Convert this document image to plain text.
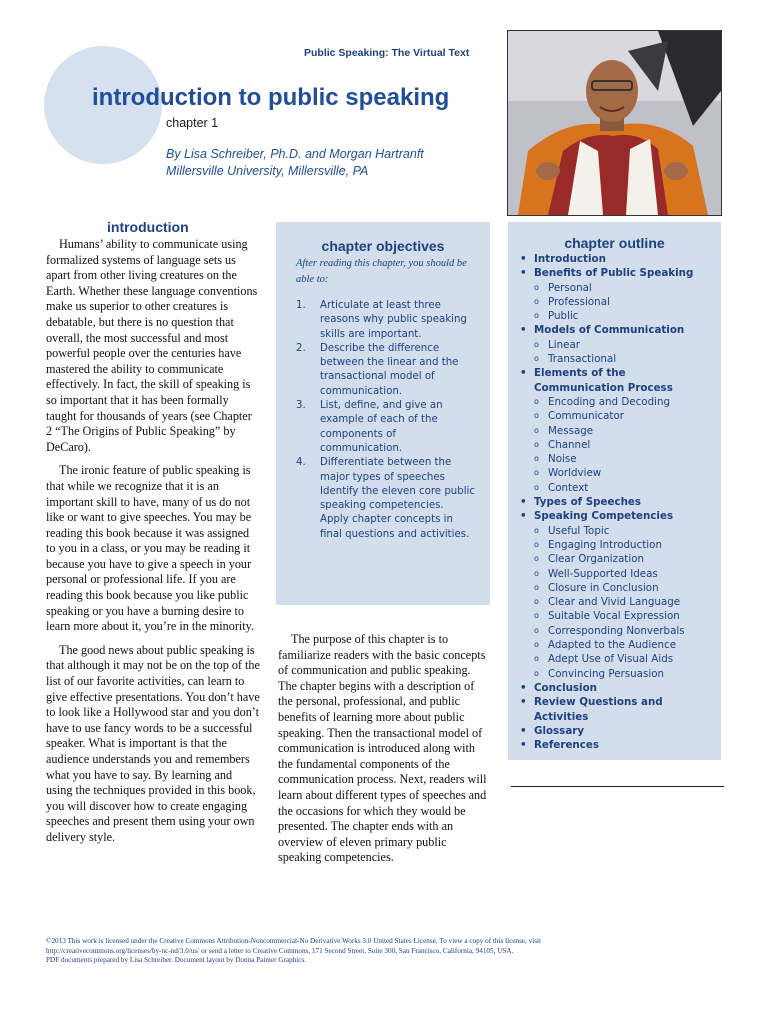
Public Speaking: The Virtual Text
introduction to public speaking
chapter 1
By Lisa Schreiber, Ph.D. and Morgan Hartranft
Millersville University, Millersville, PA
introduction

Humans’ ability to communicate using formalized systems of language sets us apart from other living creatures on the Earth. Whether these language conventions make us superior to other creatures is debatable, but there is no question that overall, the most successful and most powerful people over the centuries have mastered the ability to communicate effectively. In fact, the skill of speaking is so important that it has been formally taught for thousands of years (see Chapter 2 “The Origins of Public Speaking” by DeCaro).

The ironic feature of public speaking is that while we recognize that it is an important skill to have, many of us do not like or want to give speeches. You may be reading this book because it was assigned to you in a class, or you may be reading it because you have to give a speech in your personal or professional life. If you are reading this book because you like public speaking or you have a burning desire to learn more about it, you’re in the minority.

The good news about public speaking is that although it may not be on the top of the list of our favorite activities, can learn to give effective presentations. You don’t have to look like a Hollywood star and you don’t have to use fancy words to be a successful speaker. What is important is that the audience understands you and remembers what you have to say. By learning and using the techniques provided in this book, you will discover how to create engaging speeches and present them using your own delivery style.

chapter objectives
After reading this chapter, you should be able to:
1. Articulate at least three reasons why public speaking skills are important.
2. Describe the difference between the linear and the transactional model of communication.
3. List, define, and give an example of each of the components of communication.
4. Differentiate between the major types of speeches
Identify the eleven core public speaking competencies.
Apply chapter concepts in final questions and activities.

The purpose of this chapter is to familiarize readers with the basic concepts of communication and public speaking. The chapter begins with a description of the personal, professional, and public benefits of learning more about public speaking. Then the transactional model of communication is introduced along with the fundamental components of the communication process. Next, readers will learn about different types of speeches and the occasions for which they would be presented. The chapter ends with an overview of eleven primary public speaking competencies.

chapter outline
• Introduction
• Benefits of Public Speaking
o Personal
o Professional
o Public
• Models of Communication
o Linear
o Transactional
• Elements of the Communication Process
o Encoding and Decoding
o Communicator
o Message
o Channel
o Noise
o Worldview
o Context
• Types of Speeches
• Speaking Competencies
o Useful Topic
o Engaging Introduction
o Clear Organization
o Well-Supported Ideas
o Closure in Conclusion
o Clear and Vivid Language
o Suitable Vocal Expression
o Corresponding Nonverbals
o Adapted to the Audience
o Adept Use of Visual Aids
o Convincing Persuasion
• Conclusion
• Review Questions and Activities
• Glossary
• References
©2013 This work is licensed under the Creative Commons Attribution-Noncommercial-No Derivative Works 3.0 United States License. To view a copy of this license, visit
http://creativecommons.org/licenses/by-nc-nd/3.0/us/ or send a letter to Creative Commons, 171 Second Street, Suite 300, San Francisco, California, 94105, USA.
PDF documents prepared by Lisa Schreiber. Document layout by Donna Painter Graphics.
